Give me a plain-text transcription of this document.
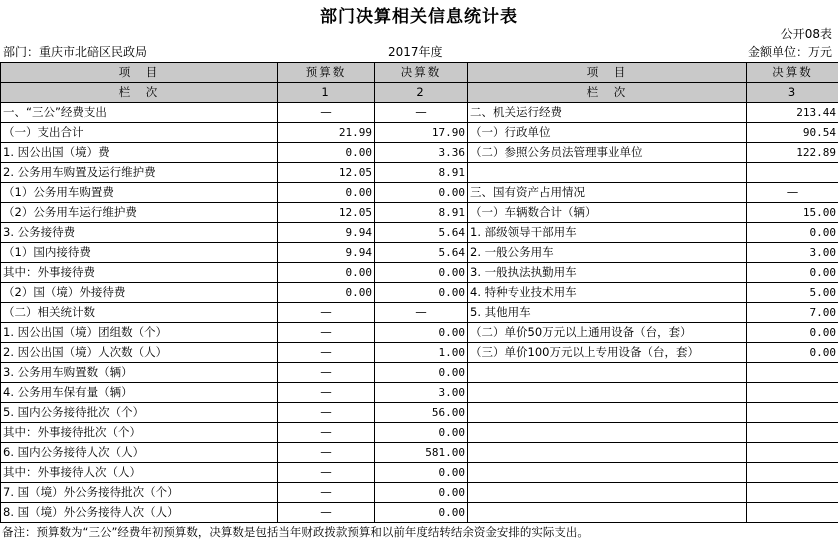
部门决算相关信息统计表
公开08表
部门：重庆市北碚区民政局	2017年度	金额单位：万元
项　目	预算数	决算数	项　目	决算数
栏　次	1	2	栏　次	3
一、“三公”经费支出	—	—	二、机关运行经费	213.44
（一）支出合计	21.99	17.90	（一）行政单位	90.54
1. 因公出国（境）费	0.00	3.36	（二）参照公务员法管理事业单位	122.89
2. 公务用车购置及运行维护费	12.05	8.91		
（1）公务用车购置费	0.00	0.00	三、国有资产占用情况	—
（2）公务用车运行维护费	12.05	8.91	（一）车辆数合计（辆）	15.00
3. 公务接待费	9.94	5.64	1. 部级领导干部用车	0.00
（1）国内接待费	9.94	5.64	2. 一般公务用车	3.00
其中：外事接待费	0.00	0.00	3. 一般执法执勤用车	0.00
（2）国（境）外接待费	0.00	0.00	4. 特种专业技术用车	5.00
（二）相关统计数	—	—	5. 其他用车	7.00
1. 因公出国（境）团组数（个）	—	0.00	（二）单价50万元以上通用设备（台，套）	0.00
2. 因公出国（境）人次数（人）	—	1.00	（三）单价100万元以上专用设备（台，套）	0.00
3. 公务用车购置数（辆）	—	0.00		
4. 公务用车保有量（辆）	—	3.00		
5. 国内公务接待批次（个）	—	56.00		
其中：外事接待批次（个）	—	0.00		
6. 国内公务接待人次（人）	—	581.00		
其中：外事接待人次（人）	—	0.00		
7. 国（境）外公务接待批次（个）	—	0.00		
8. 国（境）外公务接待人次（人）	—	0.00		
备注：预算数为“三公”经费年初预算数，决算数是包括当年财政拨款预算和以前年度结转结余资金安排的实际支出。
